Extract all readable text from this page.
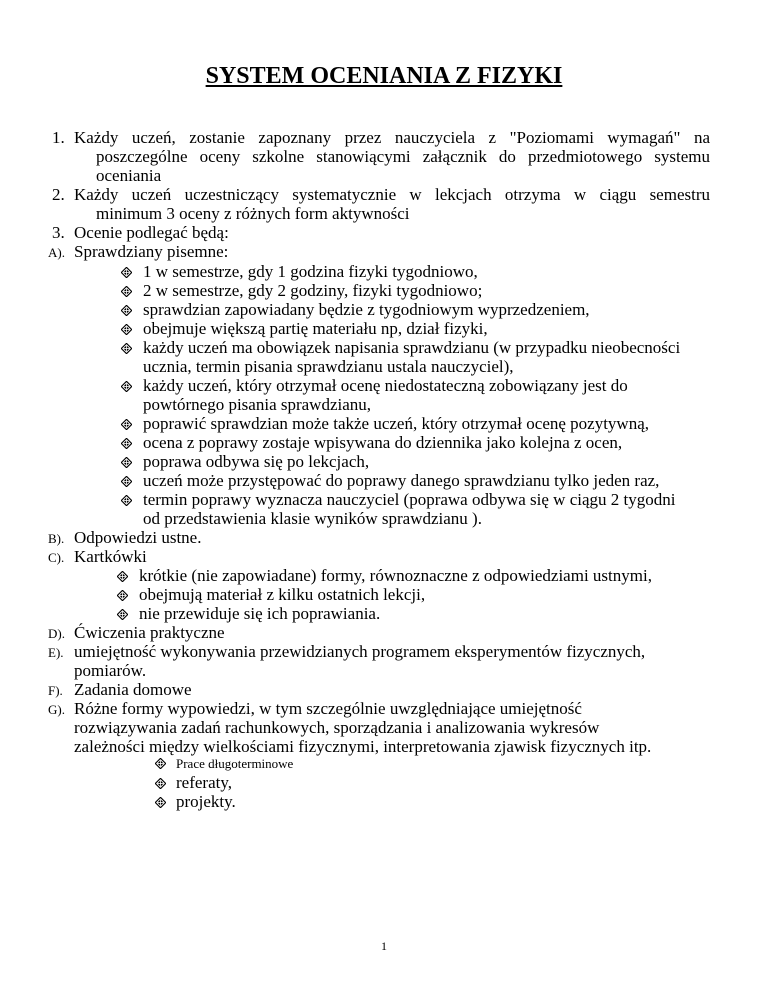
SYSTEM OCENIANIA Z FIZYKI
1. Każdy uczeń, zostanie zapoznany przez nauczyciela z "Poziomami wymagań" na
poszczególne oceny szkolne stanowiącymi załącznik do przedmiotowego systemu
oceniania
2. Każdy uczeń uczestniczący systematycznie w lekcjach otrzyma w ciągu semestru
minimum 3 oceny z różnych form aktywności
3. Ocenie podlegać będą:
A). Sprawdziany pisemne:
1 w semestrze, gdy 1 godzina fizyki tygodniowo,
2 w semestrze, gdy 2 godziny, fizyki tygodniowo;
sprawdzian zapowiadany będzie z tygodniowym wyprzedzeniem,
obejmuje większą partię materiału np, dział fizyki,
każdy uczeń ma obowiązek napisania sprawdzianu (w przypadku nieobecności
ucznia, termin pisania sprawdzianu ustala nauczyciel),
każdy uczeń, który otrzymał ocenę niedostateczną zobowiązany jest do
powtórnego pisania sprawdzianu,
poprawić sprawdzian może także uczeń, który otrzymał ocenę pozytywną,
ocena z poprawy zostaje wpisywana do dziennika jako kolejna z ocen,
poprawa odbywa się po lekcjach,
uczeń może przystępować do poprawy danego sprawdzianu tylko jeden raz,
termin poprawy wyznacza nauczyciel (poprawa odbywa się w ciągu 2 tygodni
od przedstawienia klasie wyników sprawdzianu ).
B). Odpowiedzi ustne.
C). Kartkówki
krótkie (nie zapowiadane) formy, równoznaczne z odpowiedziami ustnymi,
obejmują materiał z kilku ostatnich lekcji,
nie przewiduje się ich poprawiania.
D). Ćwiczenia praktyczne
E). umiejętność wykonywania przewidzianych programem eksperymentów fizycznych,
pomiarów.
F). Zadania domowe
G). Różne formy wypowiedzi, w tym szczególnie uwzględniające umiejętność
rozwiązywania zadań rachunkowych, sporządzania i analizowania wykresów
zależności między wielkościami fizycznymi, interpretowania zjawisk fizycznych itp.
Prace długoterminowe
referaty,
projekty.
1
